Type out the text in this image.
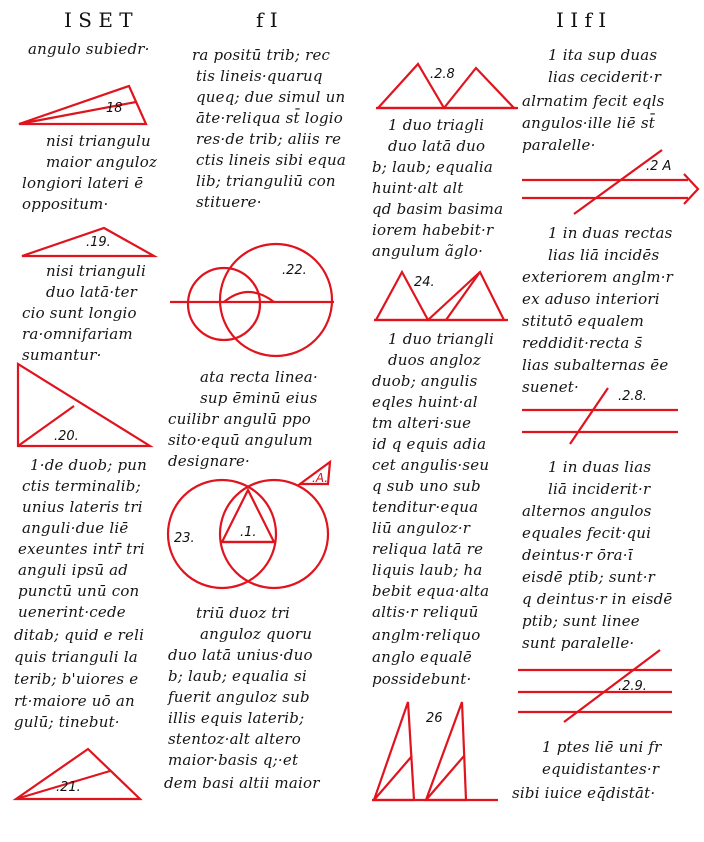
I S E T	f I	I I f I
angulo subiedr·
18
nisi triangulu
maior anguloz
longiori lateri ē
oppositum·
.19.
nisi trianguli
duo latā·ter
cio sunt longio
ra·omnifariam
sumantur·
.20.
1·de duob; pun
ctis terminalib;
unius lateris tri
anguli·due liē
exeuntes intr̄ tri
anguli ipsū ad
punctū unū con
uenerint·cede
ditab; quid e reli
quis trianguli la
terib; b'uiores e
rt·maiore uō an
gulū; tinebut·
.21.
ra positū trib; rec
tis lineis·quaruq
queq; due simul un
āte·reliqua st̄ logio
res·de trib; aliis re
ctis lineis sibi equa
lib; trianguliū con
stituere·
.22.
ata recta linea·
sup ēminū eius
cuilibr angulū ppo
sito·equū angulum
designare·
.A.
23.	.1.
triū duoz tri
anguloz quoru
duo latā unius·duo
b; laub; equalia si
fuerit anguloz sub
illis equis laterib;
stentoz·alt altero
maior·basis q;·et
dem basi altii maior
.2.8
1 duo triagli
duo latā duo
b; laub; equalia
huint·alt alt
qd basim basima
iorem habebit·r
angulum ãglo·
24.
1 duo triangli
duos angloz
duob; angulis
eqles huint·al
tm alteri·sue
id q equis adia
cet angulis·seu
q sub uno sub
tenditur·equa
liū anguloz·r
reliqua latā re
liquis laub; ha
bebit equa·alta
altis·r reliquū
anglm·reliquo
anglo equalē
possidebunt·
26
1 ita sup duas
lias ceciderit·r
alrnatim fecit eqls
angulos·ille liē st̄
paralelle·
.2 A
1 in duas rectas
lias liā incidēs
exteriorem anglm·r
ex aduso interiori
stitutō equalem
reddidit·recta s̄
lias subalternas ēe
suenet·
.2.8.
1 in duas lias
liā inciderit·r
alternos angulos
equales fecit·qui
deintus·r ōra·ī
eisdē ptib; sunt·r
q deintus·r in eisdē
ptib; sunt linee
sunt paralelle·
.2.9.
1 ptes liē uni fr
equidistantes·r
sibi iuice eq̄distāt·
